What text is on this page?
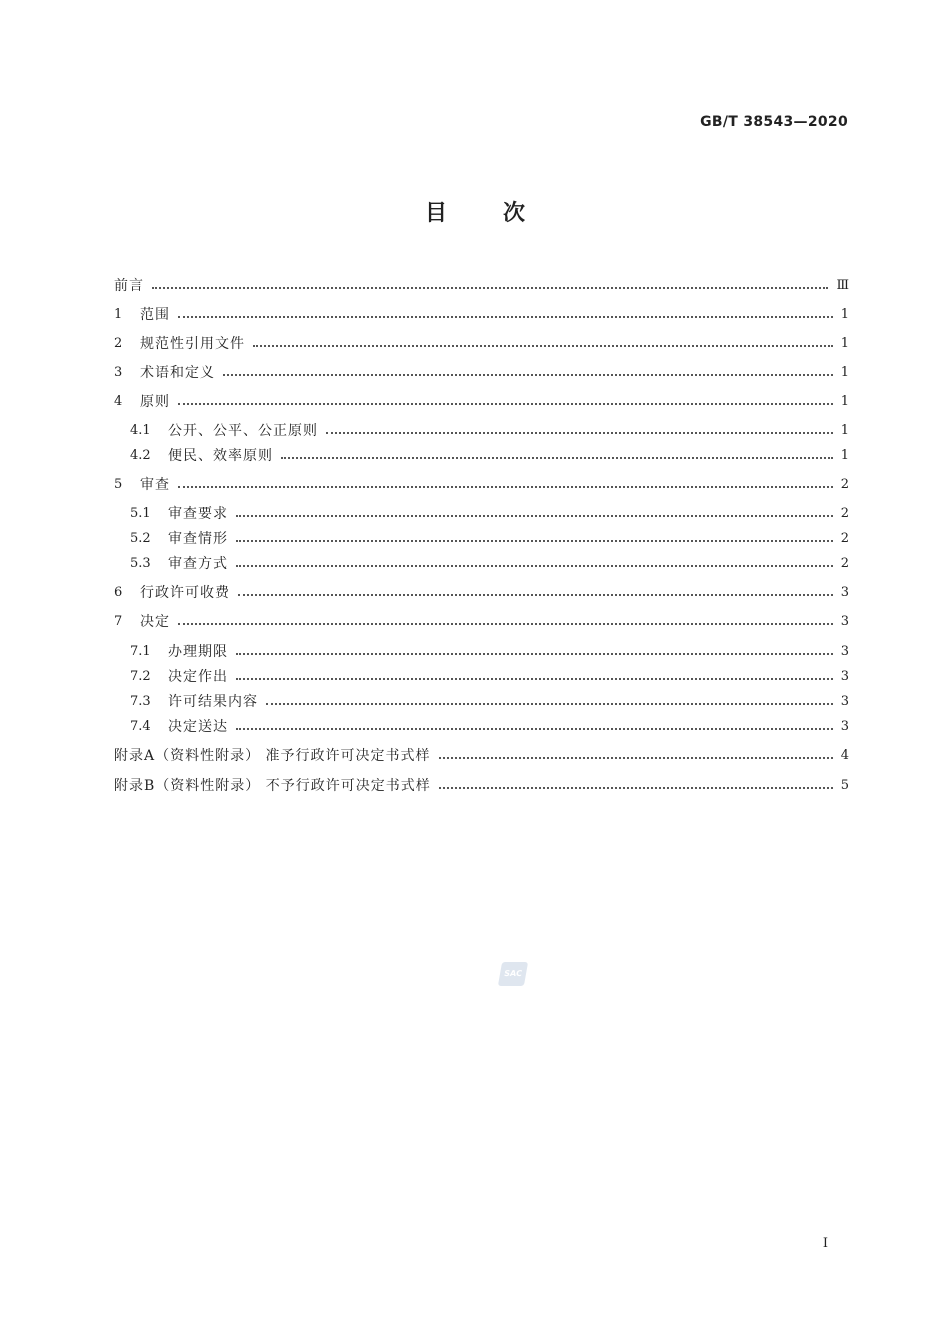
GB/T 38543—2020
目	次
前言	Ⅲ
1	范围	1
2	规范性引用文件	1
3	术语和定义	1
4	原则	1
4.1	公开、公平、公正原则	1
4.2	便民、效率原则	1
5	审查	2
5.1	审查要求	2
5.2	审查情形	2
5.3	审查方式	2
6	行政许可收费	3
7	决定	3
7.1	办理期限	3
7.2	决定作出	3
7.3	许可结果内容	3
7.4	决定送达	3
附录A（资料性附录） 准予行政许可决定书式样	4
附录B（资料性附录） 不予行政许可决定书式样	5
SAC
Ⅰ
